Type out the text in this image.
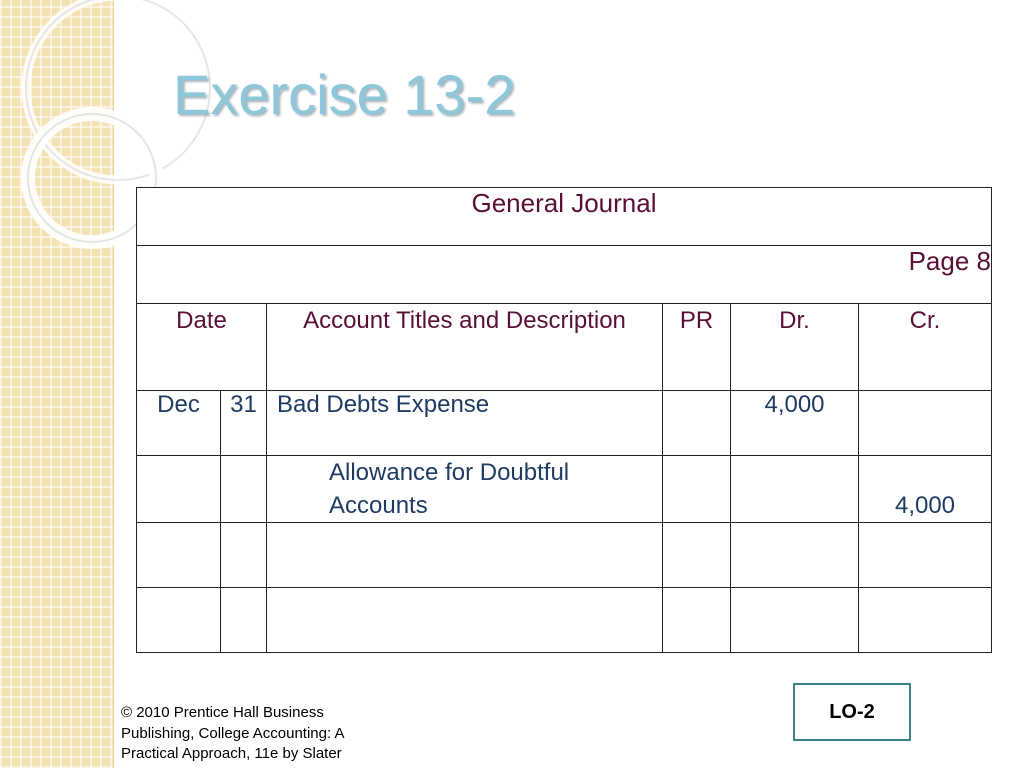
Exercise 13-2
General Journal					
Page 8					
Date		Account Titles and Description	PR	Dr.	Cr.
Dec	31	Bad Debts Expense		4,000	
		Allowance for Doubtful Accounts			4,000

LO-2
© 2010 Prentice Hall Business Publishing, College Accounting: A Practical Approach, 11e by Slater
